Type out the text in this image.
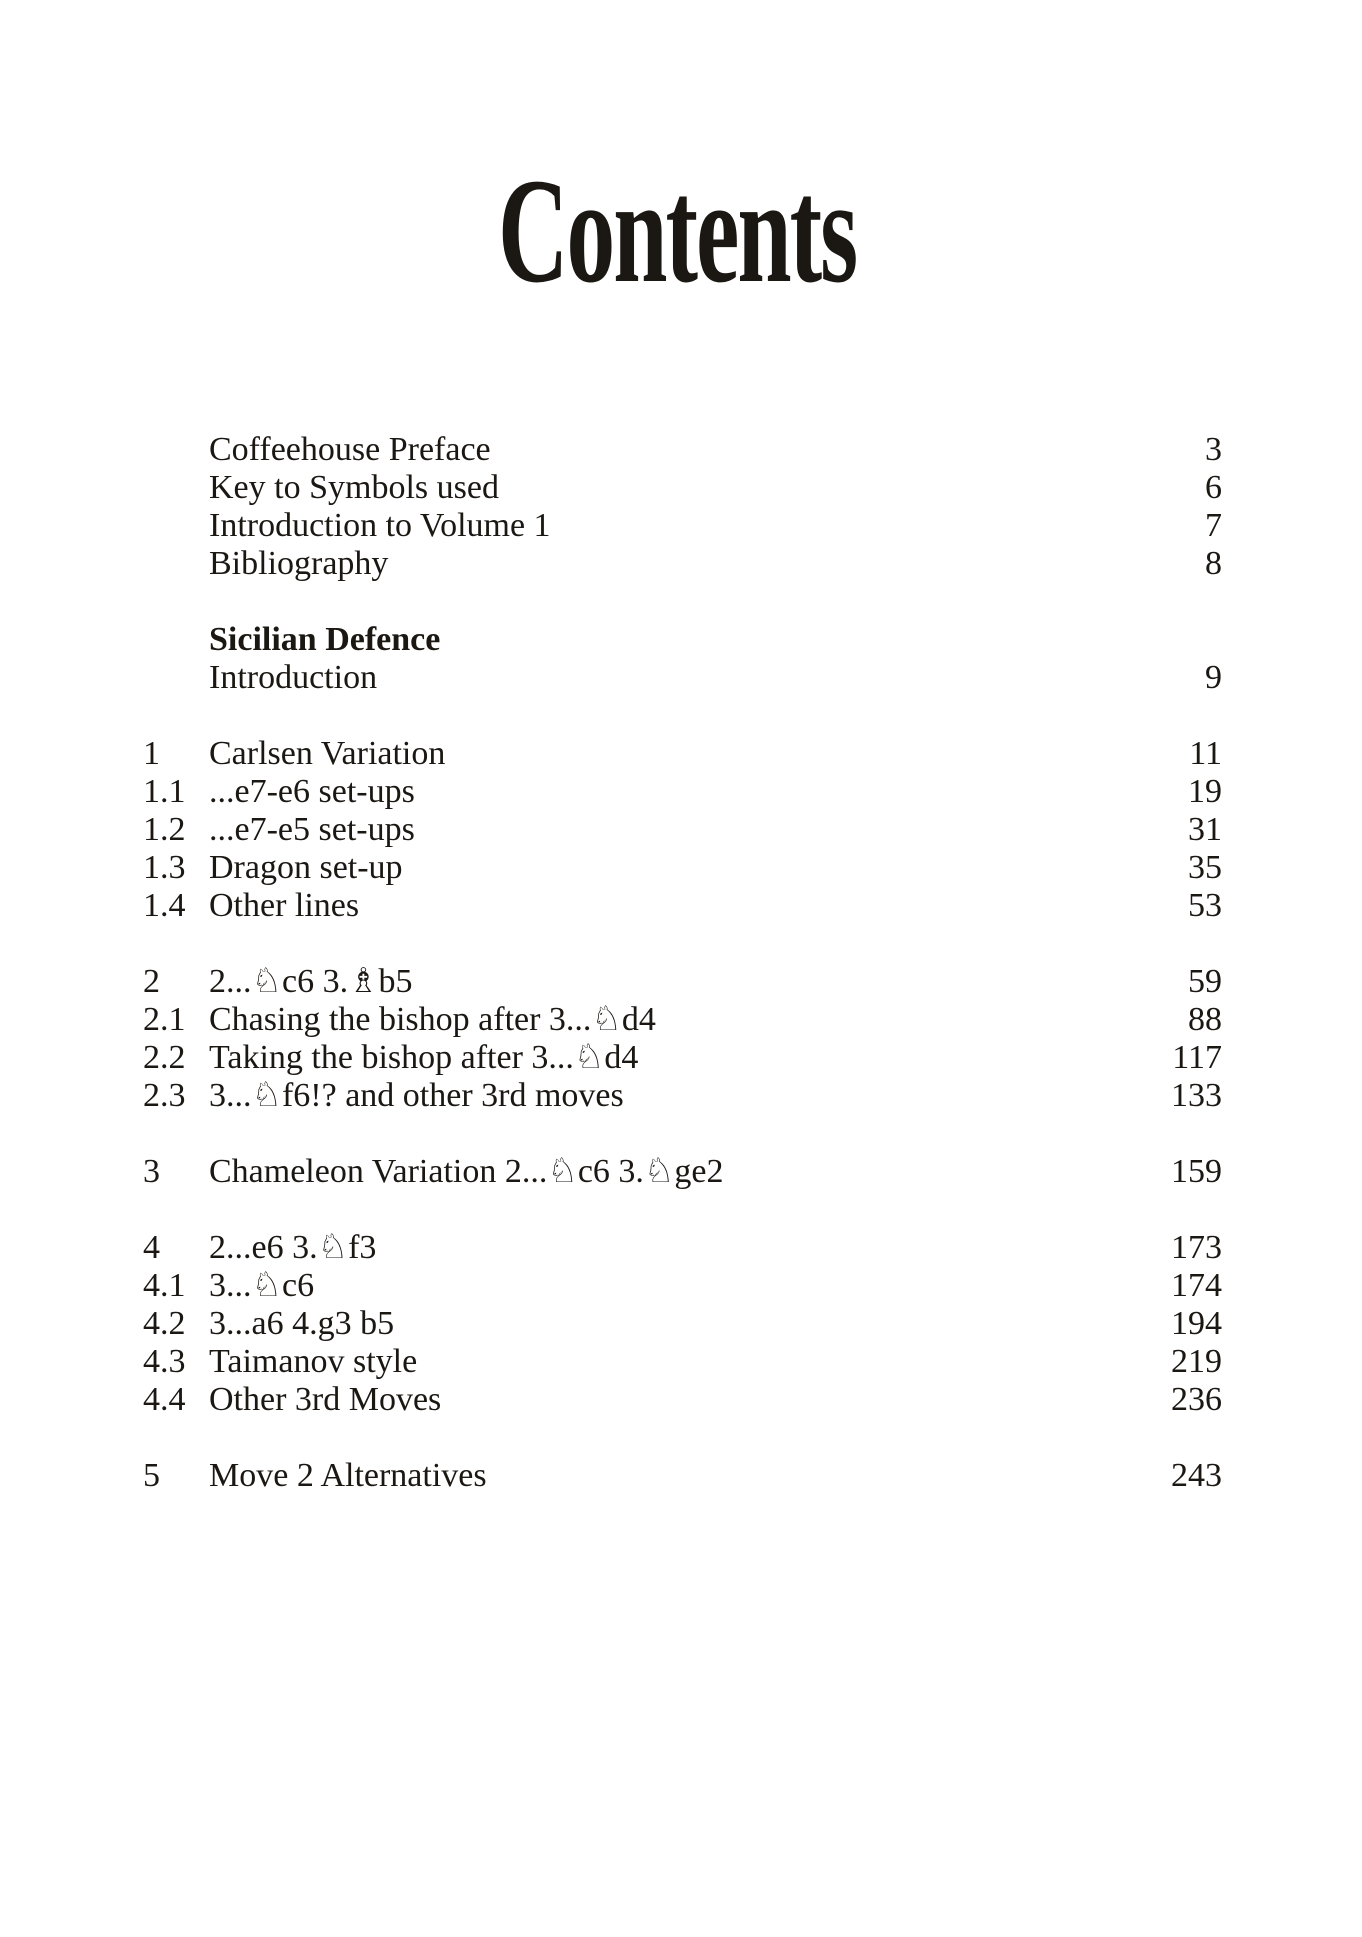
Contents
Coffeehouse Preface	3
Key to Symbols used	6
Introduction to Volume 1	7
Bibliography	8
Sicilian Defence
Introduction	9
1	Carlsen Variation	11
1.1 ...e7-e6 set-ups	19
1.2 ...e7-e5 set-ups	31
1.3 Dragon set-up	35
1.4 Other lines	53
2	2...♘c6 3.♗b5	59
2.1 Chasing the bishop after 3...♘d4	88
2.2 Taking the bishop after 3...♘d4	117
2.3 3...♘f6!? and other 3rd moves	133
3	Chameleon Variation 2...♘c6 3.♘ge2	159
4	2...e6 3.♘f3	173
4.1 3...♘c6	174
4.2 3...a6 4.g3 b5	194
4.3 Taimanov style	219
4.4 Other 3rd Moves	236
5	Move 2 Alternatives	243
